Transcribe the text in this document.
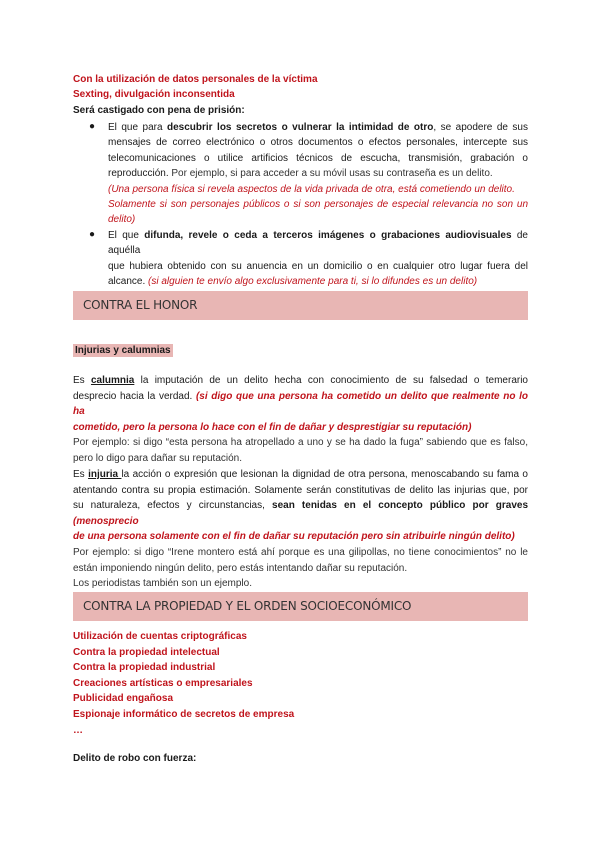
Con la utilización de datos personales de la víctima
Sexting, divulgación inconsentida
Será castigado con pena de prisión:
● El que para descubrir los secretos o vulnerar la intimidad de otro, se apodere de sus
mensajes de correo electrónico o otros documentos o efectos personales, intercepte sus
telecomunicaciones o utilice artificios técnicos de escucha, transmisión, grabación o
reproducción. Por ejemplo, si para acceder a su móvil usas su contraseña es un delito.
(Una persona física si revela aspectos de la vida privada de otra, está cometiendo un delito.
Solamente si son personajes públicos o si son personajes de especial relevancia no son un
delito)
● El que difunda, revele o ceda a terceros imágenes o grabaciones audiovisuales de aquélla
que hubiera obtenido con su anuencia en un domicilio o en cualquier otro lugar fuera del
alcance. (si alguien te envío algo exclusivamente para ti, si lo difundes es un delito)
CONTRA EL HONOR
Injurias y calumnias
Es calumnia la imputación de un delito hecha con conocimiento de su falsedad o temerario
desprecio hacia la verdad. (si digo que una persona ha cometido un delito que realmente no lo ha
cometido, pero la persona lo hace con el fin de dañar y desprestigiar su reputación)
Por ejemplo: si digo “esta persona ha atropellado a uno y se ha dado la fuga” sabiendo que es falso,
pero lo digo para dañar su reputación.
Es injuria la acción o expresión que lesionan la dignidad de otra persona, menoscabando su fama o
atentando contra su propia estimación. Solamente serán constitutivas de delito las injurias que, por
su naturaleza, efectos y circunstancias, sean tenidas en el concepto público por graves (menosprecio
de una persona solamente con el fin de dañar su reputación pero sin atribuirle ningún delito)
Por ejemplo: si digo “Irene montero está ahí porque es una gilipollas, no tiene conocimientos” no le
están imponiendo ningún delito, pero estás intentando dañar su reputación.
Los periodistas también son un ejemplo.
CONTRA LA PROPIEDAD Y EL ORDEN SOCIOECONÓMICO
Utilización de cuentas criptográficas
Contra la propiedad intelectual
Contra la propiedad industrial
Creaciones artísticas o empresariales
Publicidad engañosa
Espionaje informático de secretos de empresa
…
Delito de robo con fuerza:
